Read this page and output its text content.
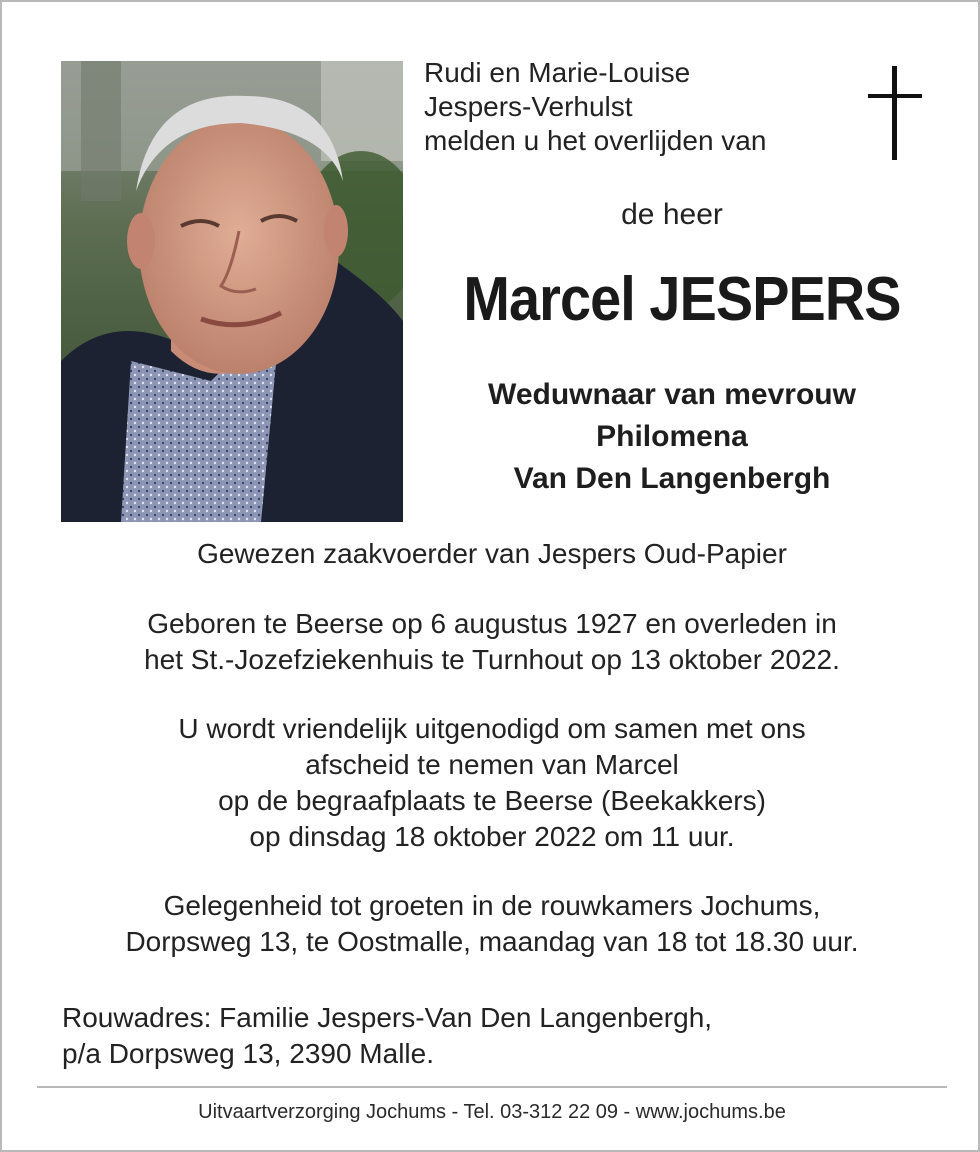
Rudi en Marie-Louise
Jespers-Verhulst
melden u het overlijden van
de heer
Marcel JESPERS
Weduwnaar van mevrouw
Philomena
Van Den Langenbergh
Gewezen zaakvoerder van Jespers Oud-Papier
Geboren te Beerse op 6 augustus 1927 en overleden in
het St.-Jozefziekenhuis te Turnhout op 13 oktober 2022.
U wordt vriendelijk uitgenodigd om samen met ons
afscheid te nemen van Marcel
op de begraafplaats te Beerse (Beekakkers)
op dinsdag 18 oktober 2022 om 11 uur.
Gelegenheid tot groeten in de rouwkamers Jochums,
Dorpsweg 13, te Oostmalle, maandag van 18 tot 18.30 uur.
Rouwadres: Familie Jespers-Van Den Langenbergh,
p/a Dorpsweg 13, 2390 Malle.
Uitvaartverzorging Jochums - Tel. 03-312 22 09 - www.jochums.be
